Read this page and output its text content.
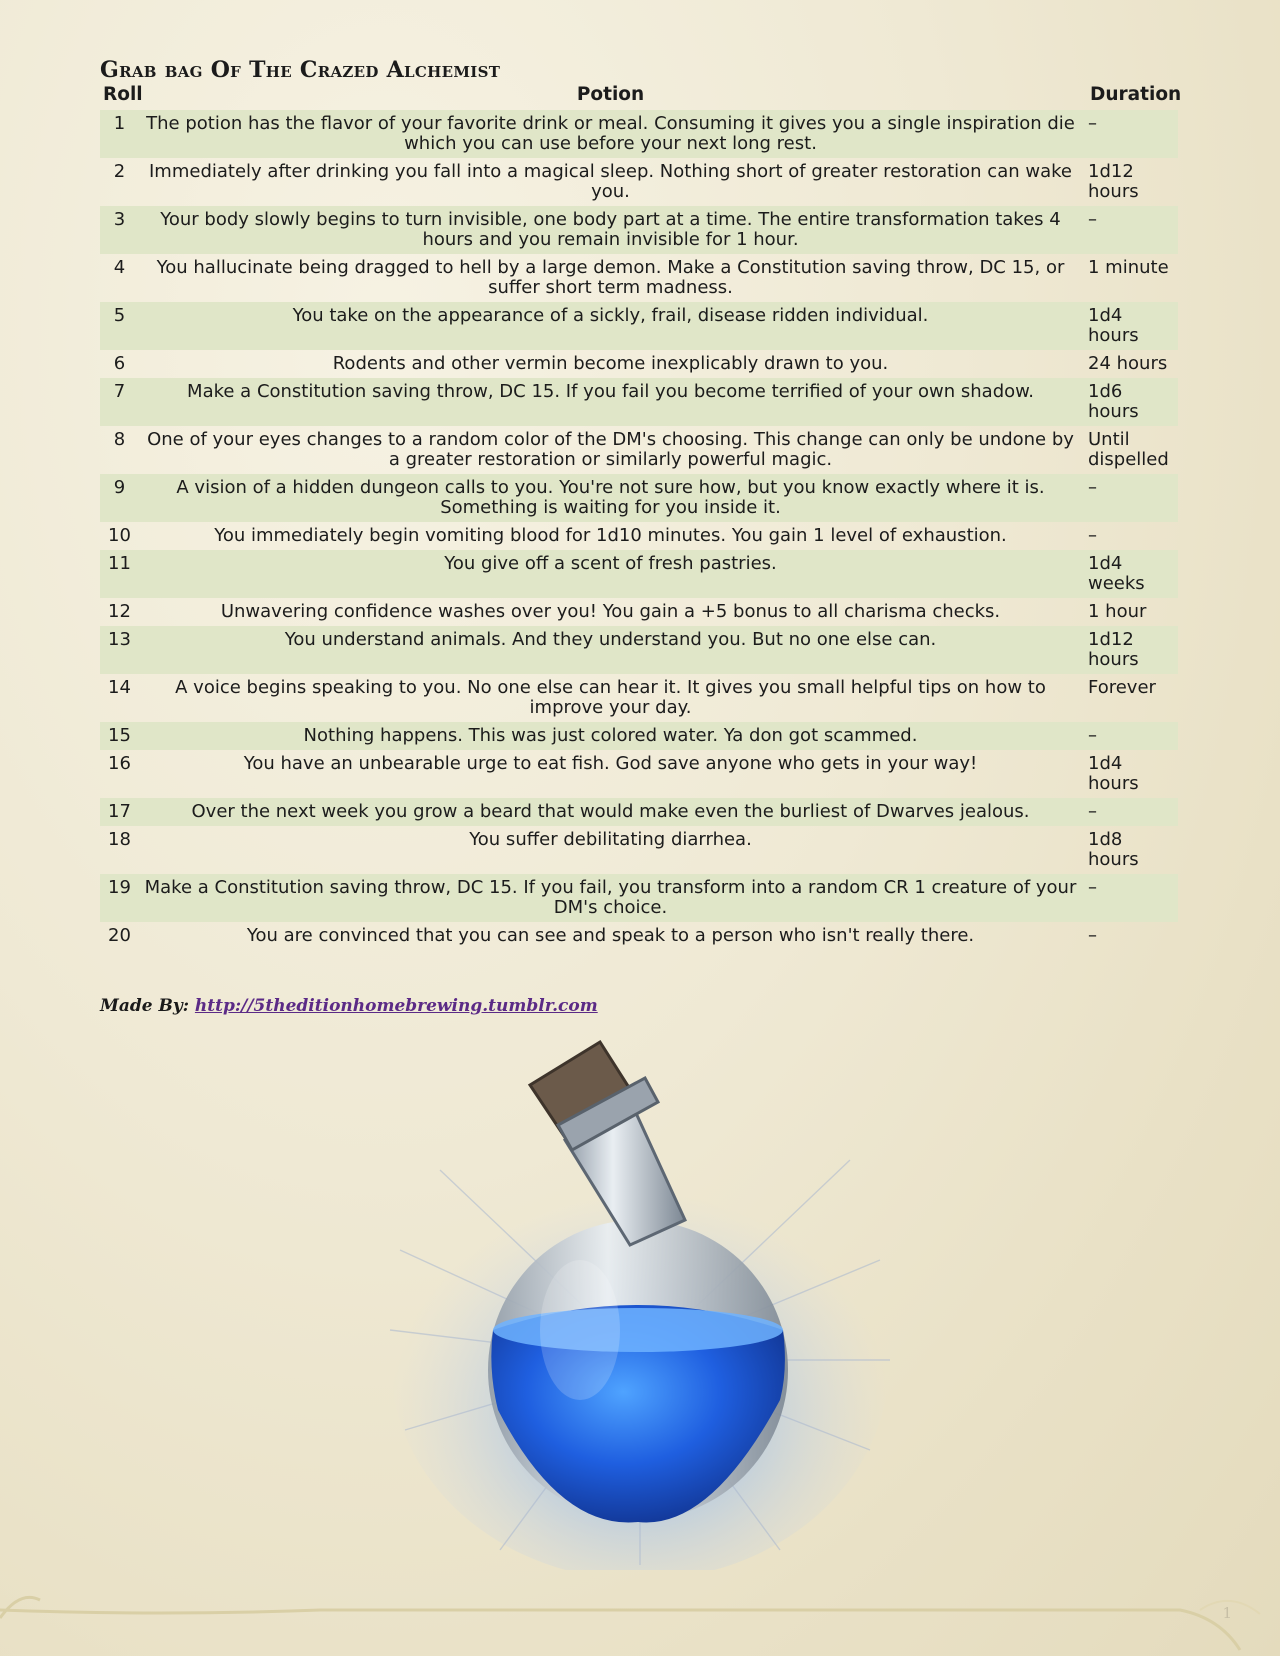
Grab bag Of The Crazed Alchemist
Roll	Potion	Duration
1	The potion has the flavor of your favorite drink or meal. Consuming it gives you a single inspiration die which you can use before your next long rest.	–
2	Immediately after drinking you fall into a magical sleep. Nothing short of greater restoration can wake you.	1d12 hours
3	Your body slowly begins to turn invisible, one body part at a time. The entire transformation takes 4 hours and you remain invisible for 1 hour.	–
4	You hallucinate being dragged to hell by a large demon. Make a Constitution saving throw, DC 15, or suffer short term madness.	1 minute
5	You take on the appearance of a sickly, frail, disease ridden individual.	1d4 hours
6	Rodents and other vermin become inexplicably drawn to you.	24 hours
7	Make a Constitution saving throw, DC 15. If you fail you become terrified of your own shadow.	1d6 hours
8	One of your eyes changes to a random color of the DM's choosing. This change can only be undone by a greater restoration or similarly powerful magic.	Until dispelled
9	A vision of a hidden dungeon calls to you. You're not sure how, but you know exactly where it is. Something is waiting for you inside it.	–
10	You immediately begin vomiting blood for 1d10 minutes. You gain 1 level of exhaustion.	–
11	You give off a scent of fresh pastries.	1d4 weeks
12	Unwavering confidence washes over you! You gain a +5 bonus to all charisma checks.	1 hour
13	You understand animals. And they understand you. But no one else can.	1d12 hours
14	A voice begins speaking to you. No one else can hear it. It gives you small helpful tips on how to improve your day.	Forever
15	Nothing happens. This was just colored water. Ya don got scammed.	–
16	You have an unbearable urge to eat fish. God save anyone who gets in your way!	1d4 hours
17	Over the next week you grow a beard that would make even the burliest of Dwarves jealous.	–
18	You suffer debilitating diarrhea.	1d8 hours
19	Make a Constitution saving throw, DC 15. If you fail, you transform into a random CR 1 creature of your DM's choice.	–
20	You are convinced that you can see and speak to a person who isn't really there.	–
Made By: http://5theditionhomebrewing.tumblr.com
1
